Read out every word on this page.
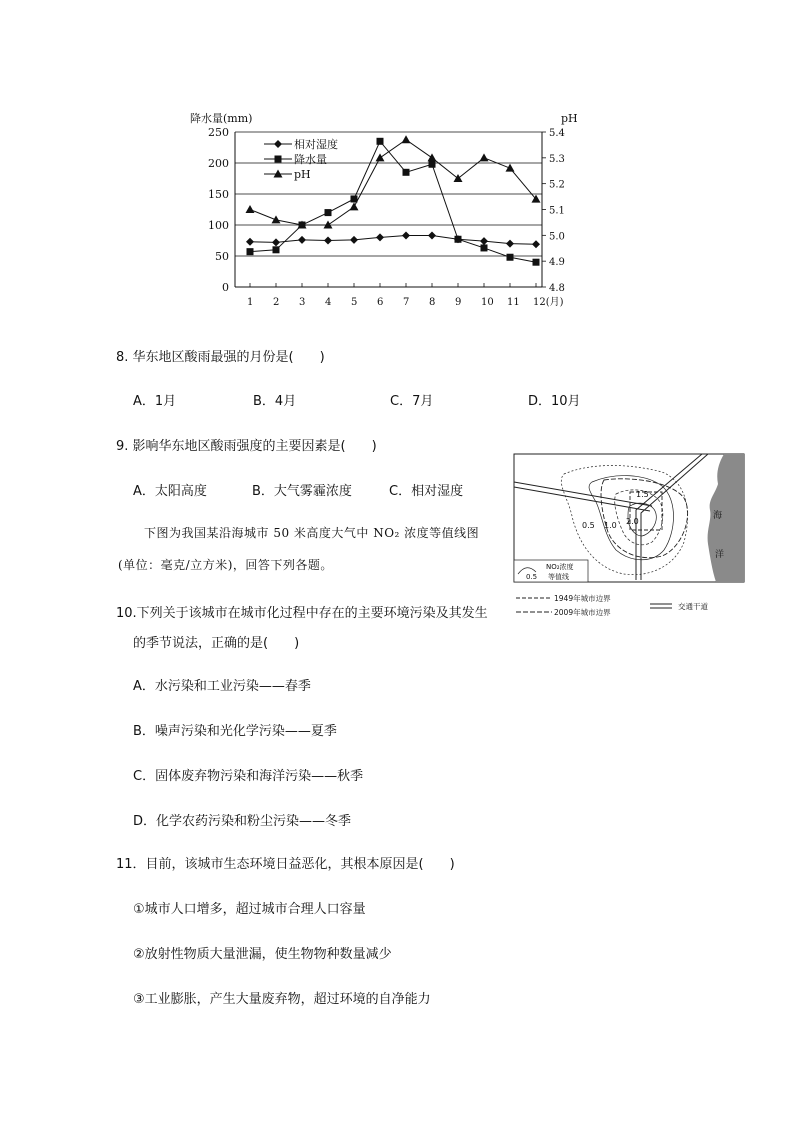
降水量(mm)	pH
250
200
150
100
50
0
5.4
5.3
5.2
5.1
5.0
4.9
4.8
1 2 3 4 5 6 7 8 9 10 11 12(月)
相对湿度
降水量
pH
8. 华东地区酸雨最强的月份是(　　)
A．1月	B．4月	C．7月	D．10月
9. 影响华东地区酸雨强度的主要因素是(　　)
A．太阳高度	B．大气雾霾浓度	C．相对湿度
下图为我国某沿海城市 50 米高度大气中 NO₂ 浓度等值线图
(单位：毫克/立方米)，回答下列各题。
海
洋
1.5
0.5 1.0 2.0
0.5
NO₂浓度
等值线
1949年城市边界
2009年城市边界
交通干道
10.下列关于该城市在城市化过程中存在的主要环境污染及其发生
的季节说法，正确的是(　　)
A．水污染和工业污染——春季
B．噪声污染和光化学污染——夏季
C．固体废弃物污染和海洋污染——秋季
D．化学农药污染和粉尘污染——冬季
11．目前，该城市生态环境日益恶化，其根本原因是(　　)
①城市人口增多，超过城市合理人口容量
②放射性物质大量泄漏，使生物物种数量减少
③工业膨胀，产生大量废弃物，超过环境的自净能力
